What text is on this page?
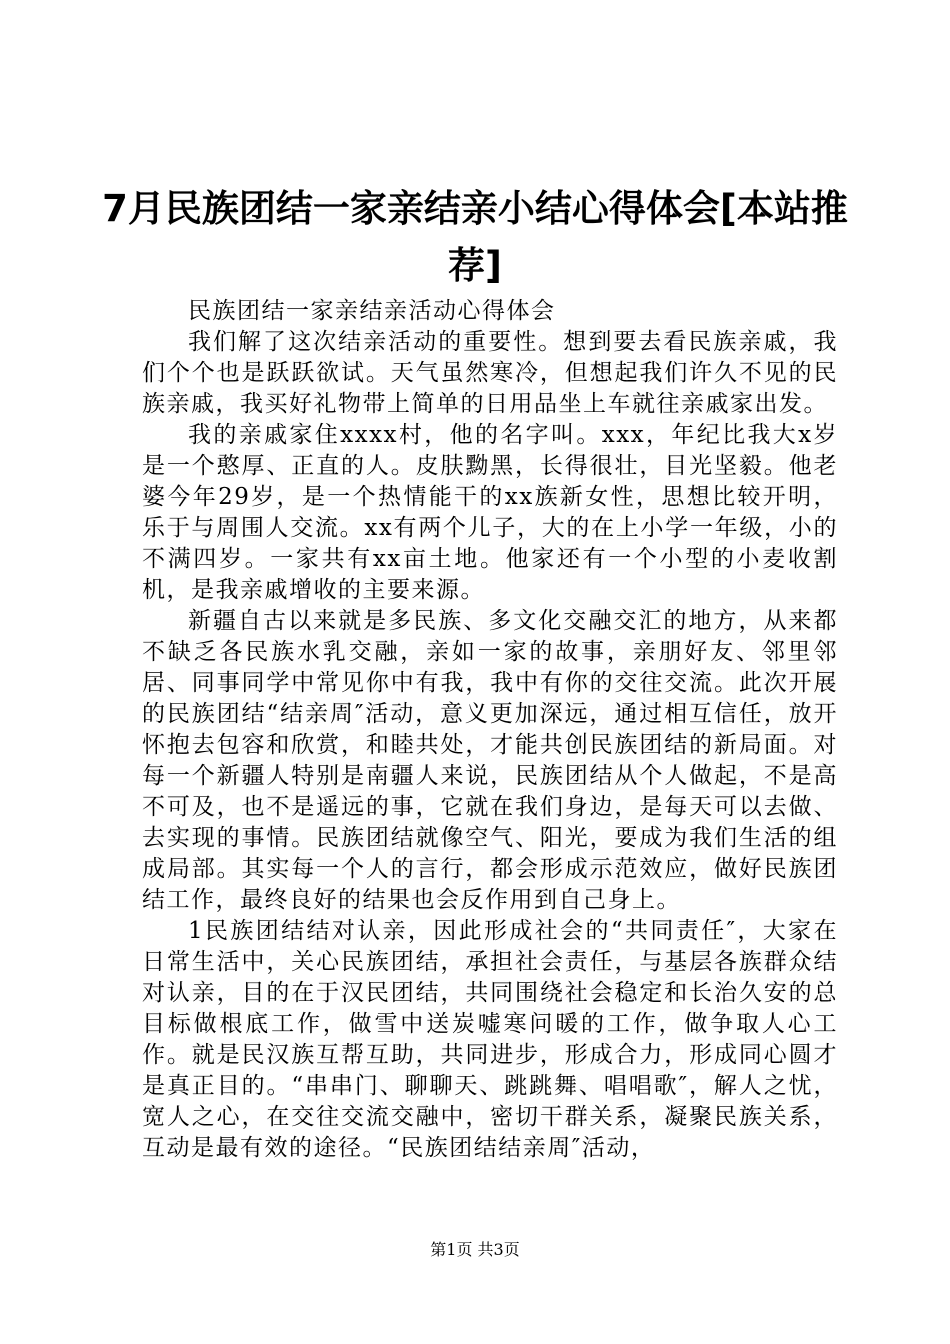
7月民族团结一家亲结亲小结心得体会[本站推荐]

民族团结一家亲结亲活动心得体会

我们解了这次结亲活动的重要性。想到要去看民族亲戚，我们个个也是跃跃欲试。天气虽然寒冷，但想起我们许久不见的民族亲戚，我买好礼物带上简单的日用品坐上车就往亲戚家出发。

我的亲戚家住xxxx村，他的名字叫。xxx，年纪比我大x岁是一个憨厚、正直的人。皮肤黝黑，长得很壮，目光坚毅。他老婆今年29岁，是一个热情能干的xx族新女性，思想比较开明，乐于与周围人交流。xx有两个儿子，大的在上小学一年级，小的不满四岁。一家共有xx亩土地。他家还有一个小型的小麦收割机，是我亲戚增收的主要来源。

新疆自古以来就是多民族、多文化交融交汇的地方，从来都不缺乏各民族水乳交融，亲如一家的故事，亲朋好友、邻里邻居、同事同学中常见你中有我，我中有你的交往交流。此次开展的民族团结“结亲周″活动，意义更加深远，通过相互信任，放开怀抱去包容和欣赏，和睦共处，才能共创民族团结的新局面。对每一个新疆人特别是南疆人来说，民族团结从个人做起，不是高不可及，也不是遥远的事，它就在我们身边，是每天可以去做、去实现的事情。民族团结就像空气、阳光，要成为我们生活的组成局部。其实每一个人的言行，都会形成示范效应，做好民族团结工作，最终良好的结果也会反作用到自己身上。

1民族团结结对认亲，因此形成社会的“共同责任″，大家在日常生活中，关心民族团结，承担社会责任，与基层各族群众结对认亲，目的在于汉民团结，共同围绕社会稳定和长治久安的总目标做根底工作，做雪中送炭嘘寒问暖的工作，做争取人心工作。就是民汉族互帮互助，共同进步，形成合力，形成同心圆才是真正目的。“串串门、聊聊天、跳跳舞、唱唱歌″，解人之忧，宽人之心，在交往交流交融中，密切干群关系，凝聚民族关系，互动是最有效的途径。“民族团结结亲周″活动，

第1页 共3页
